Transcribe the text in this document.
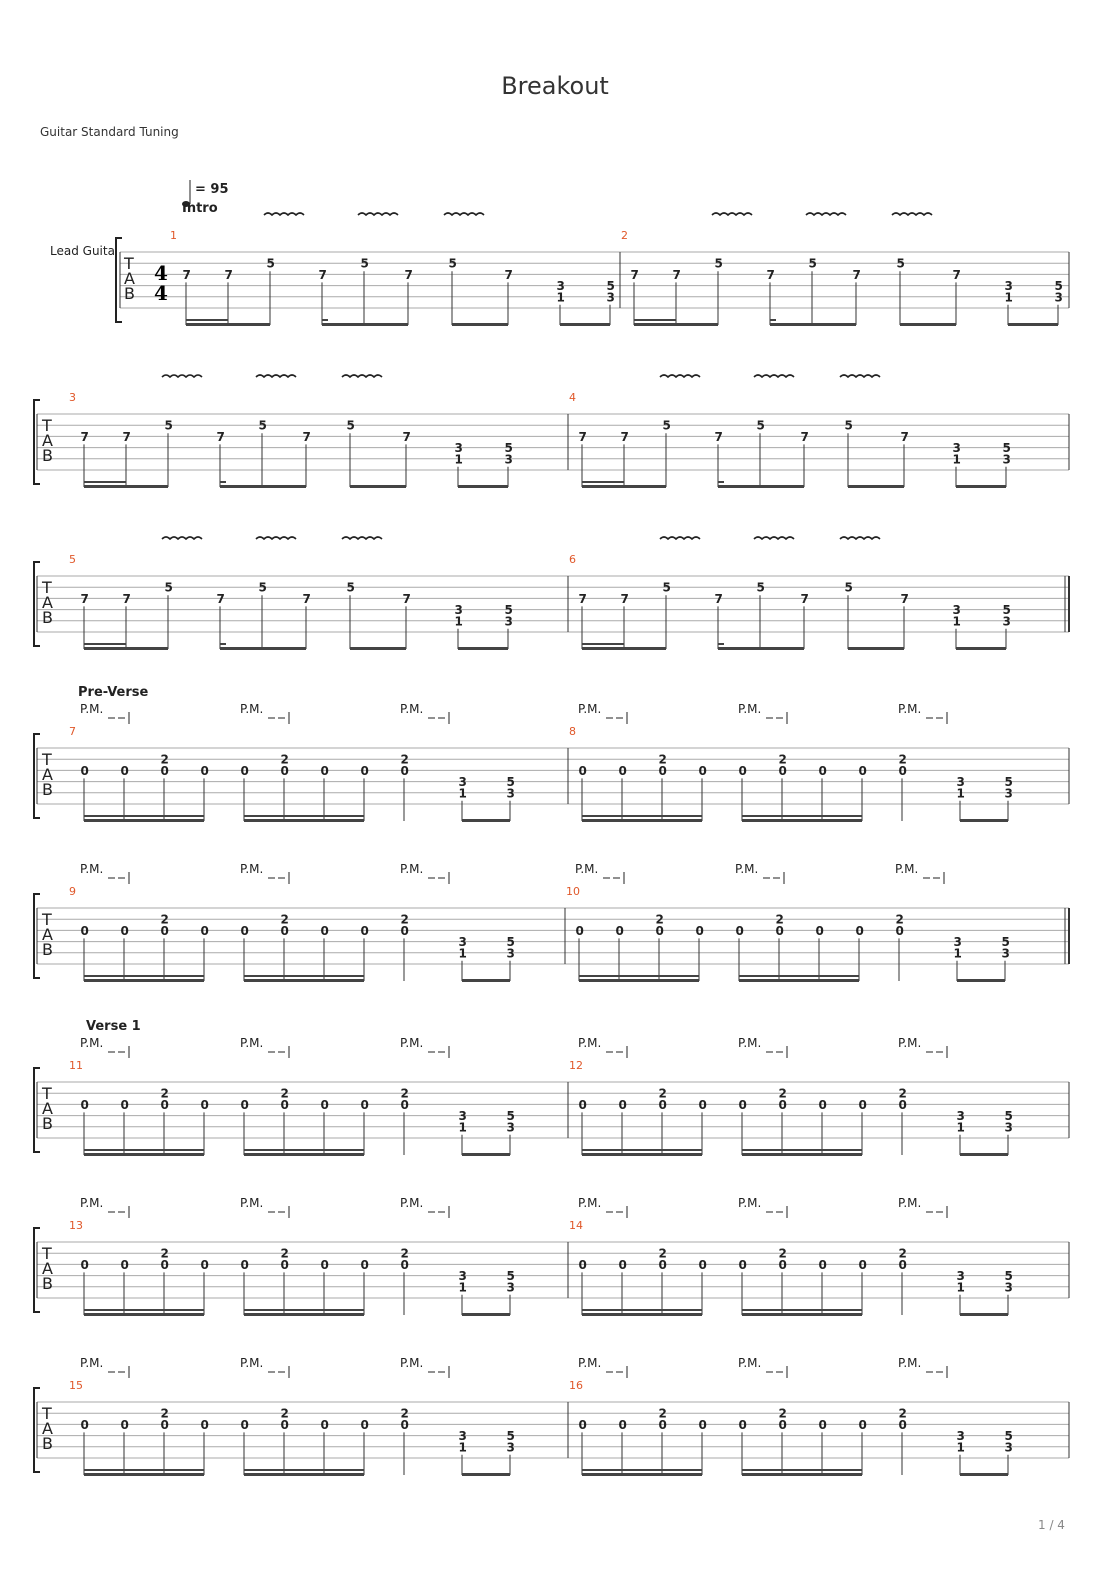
Breakout
Guitar Standard Tuning
1 / 4
T
A
B
Lead Guita
4
4
= 95
Intro
1
7	7
5
7
5
7
5
7
3
1
5
3
2
7	7
5
7
5
7
5
7
3
1
5
3
T
A
B
3
7	7
5
7
5
7
5
7
3
1
5
3
4
7	7
5
7
5
7
5
7
3
1
5
3
T
A
B
5
7	7
5
7
5
7
5
7
3
1
5
3
6
7	7
5
7
5
7
5
7
3
1
5
3
T
A
B
Pre-Verse
7
0
P.M.
0
2
0	0	0
P.M.
2
0	0	0
2
0
P.M.
3
1
5
3
8
0
P.M.
0
2
0	0	0
P.M.
2
0	0	0
2
0
P.M.
3
1
5
3
T
A
B
9
0
P.M.
0
2
0	0	0
P.M.
2
0	0	0
2
0
P.M.
3
1
5
3
10
0
P.M.
0
2
0	0	0
P.M.
2
0	0	0
2
0
P.M.
3
1
5
3
T
A
B
Verse 1
11
0
P.M.
0
2
0	0	0
P.M.
2
0	0	0
2
0
P.M.
3
1
5
3
12
0
P.M.
0
2
0	0	0
P.M.
2
0	0	0
2
0
P.M.
3
1
5
3
T
A
B
13
0
P.M.
0
2
0	0	0
P.M.
2
0	0	0
2
0
P.M.
3
1
5
3
14
0
P.M.
0
2
0	0	0
P.M.
2
0	0	0
2
0
P.M.
3
1
5
3
T
A
B
15
0
P.M.
0
2
0	0	0
P.M.
2
0	0	0
2
0
P.M.
3
1
5
3
16
0
P.M.
0
2
0	0	0
P.M.
2
0	0	0
2
0
P.M.
3
1
5
3
